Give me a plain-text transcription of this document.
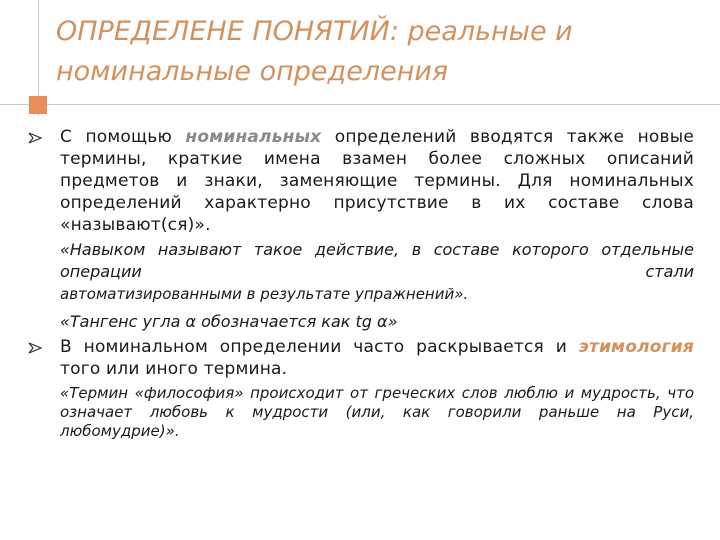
ОПРЕДЕЛЕНЕ ПОНЯТИЙ: реальные и номинальные определения
С помощью номинальных определений вводятся также новые термины, краткие имена взамен более сложных описаний предметов и знаки, заменяющие термины. Для номинальных определений характерно присутствие в их составе слова «называют(ся)».
«Навыком называют такое действие, в составе которого отдельные операции стали
автоматизированными в результате упражнений».
«Тангенс угла α обозначается как tg α»
В номинальном определении часто раскрывается и этимология того или иного термина.
«Термин «философия» происходит от греческих слов люблю и мудрость, что означает любовь к мудрости (или, как говорили раньше на Руси, любомудрие)».
